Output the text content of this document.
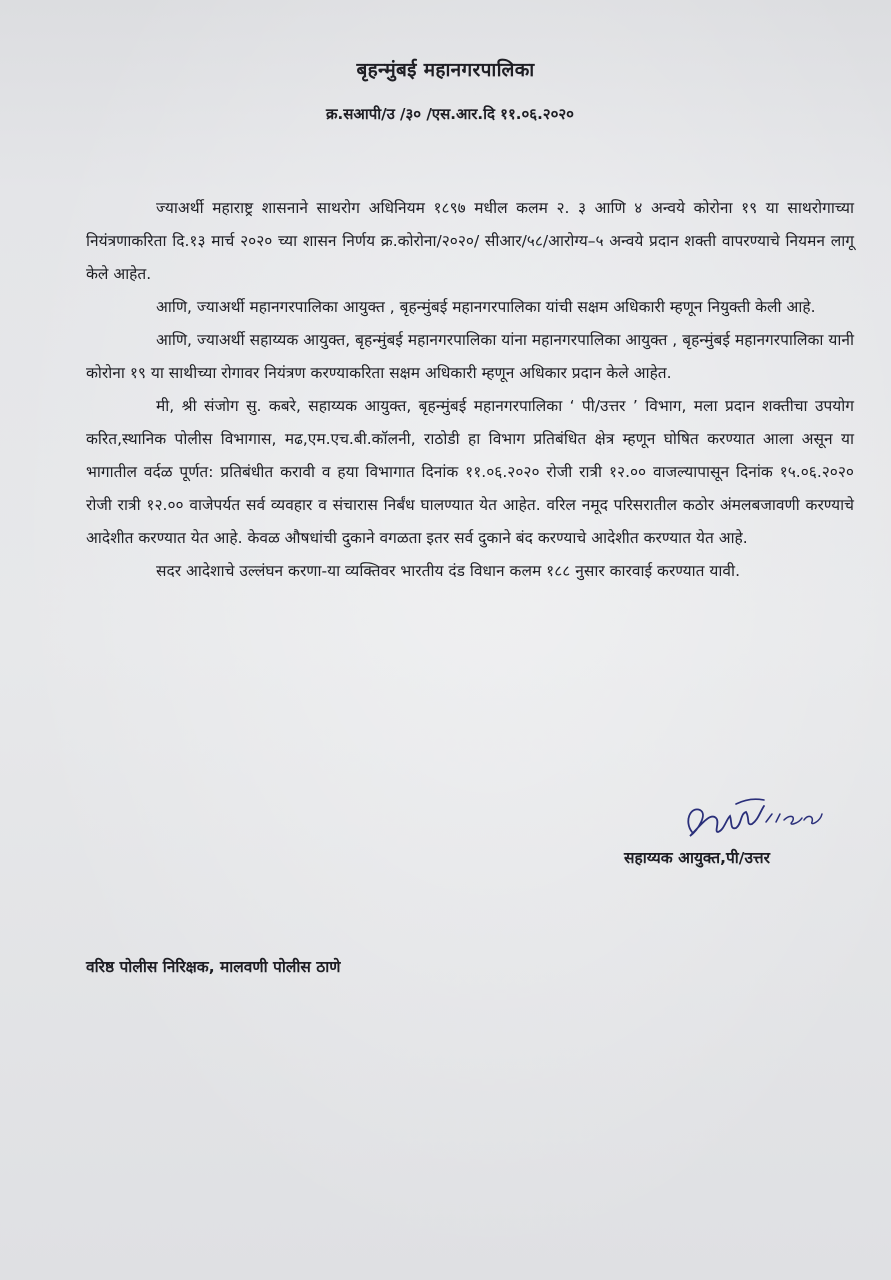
बृहन्मुंबई महानगरपालिका
क्र.सआपी/उ /३० /एस.आर.दि ११.०६.२०२०

ज्याअर्थी महाराष्ट्र शासनाने साथरोग अधिनियम १८९७ मधील कलम २. ३ आणि ४ अन्वये कोरोना १९ या साथरोगाच्या नियंत्रणाकरिता दि.१३ मार्च २०२० च्या शासन निर्णय क्र.कोरोना/२०२०/ सीआर/५८/आरोग्य–५ अन्वये प्रदान शक्ती वापरण्याचे नियमन लागू केले आहेत.

आणि, ज्याअर्थी महानगरपालिका आयुक्त , बृहन्मुंबई महानगरपालिका यांची सक्षम अधिकारी म्हणून नियुक्ती केली आहे.

आणि, ज्याअर्थी सहाय्यक आयुक्त, बृहन्मुंबई महानगरपालिका यांना महानगरपालिका आयुक्त , बृहन्मुंबई महानगरपालिका यानी कोरोना १९ या साथीच्या रोगावर नियंत्रण करण्याकरिता सक्षम अधिकारी म्हणून अधिकार प्रदान केले आहेत.

मी, श्री संजोग सु. कबरे, सहाय्यक आयुक्त, बृहन्मुंबई महानगरपालिका ‘ पी/उत्तर ’ विभाग, मला प्रदान शक्तीचा उपयोग करित,स्थानिक पोलीस विभागास, मढ,एम.एच.बी.कॉलनी, राठोडी हा विभाग प्रतिबंधित क्षेत्र म्हणून घोषित करण्यात आला असून या भागातील वर्दळ पूर्णत: प्रतिबंधीत करावी व हया विभागात दिनांक ११.०६.२०२० रोजी रात्री १२.०० वाजल्यापासून दिनांक १५.०६.२०२० रोजी रात्री १२.०० वाजेपर्यत सर्व व्यवहार व संचारास निर्बंध घालण्यात येत आहेत. वरिल नमूद परिसरातील कठोर अंमलबजावणी करण्याचे आदेशीत करण्यात येत आहे. केवळ औषधांची दुकाने वगळता इतर सर्व दुकाने बंद करण्याचे आदेशीत करण्यात येत आहे.

सदर आदेशाचे उल्लंघन करणा-या व्यक्तिवर भारतीय दंड विधान कलम १८८ नुसार कारवाई करण्यात यावी.

सहाय्यक आयुक्त,पी/उत्तर
वरिष्ठ पोलीस निरिक्षक, मालवणी पोलीस ठाणे
